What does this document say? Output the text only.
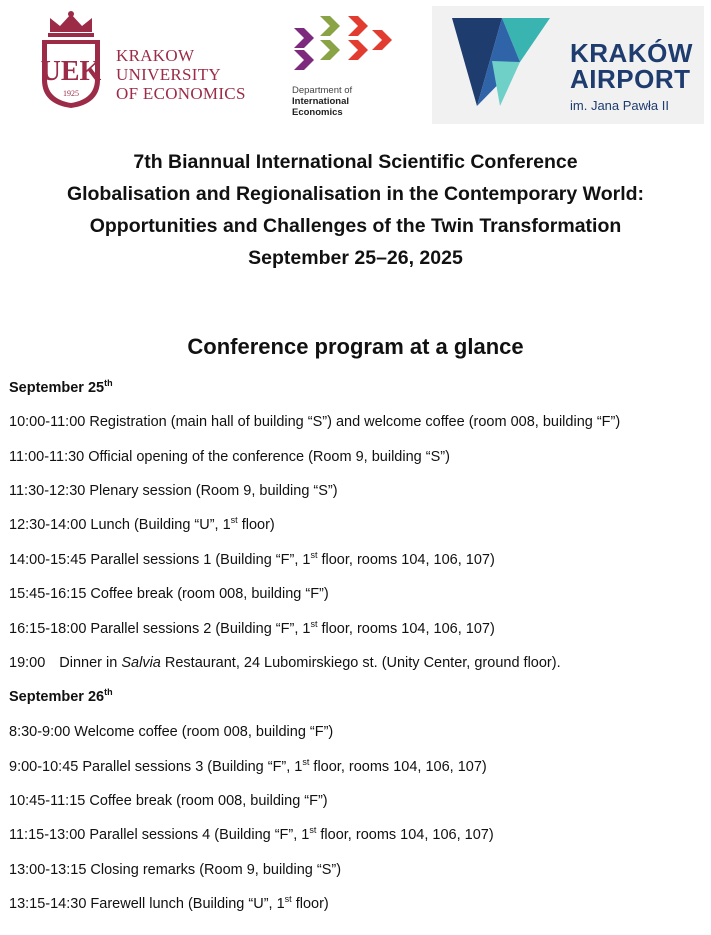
UEK
1925
KRAKOW
UNIVERSITY
OF ECONOMICS	Department of
International
Economics
KRAKÓW
AIRPORT
im. Jana Pawła II
7th Biannual International Scientific Conference
Globalisation and Regionalisation in the Contemporary World:
Opportunities and Challenges of the Twin Transformation
September 25–26, 2025
Conference program at a glance
September 25th
10:00-11:00 Registration (main hall of building “S”) and welcome coffee (room 008, building “F”)
11:00-11:30 Official opening of the conference (Room 9, building “S”)
11:30-12:30 Plenary session (Room 9, building “S”)
12:30-14:00 Lunch (Building “U”, 1st floor)
14:00-15:45 Parallel sessions 1 (Building “F”, 1st floor, rooms 104, 106, 107)
15:45-16:15 Coffee break (room 008, building “F”)
16:15-18:00 Parallel sessions 2 (Building “F”, 1st floor, rooms 104, 106, 107)
19:00 Dinner in Salvia Restaurant, 24 Lubomirskiego st. (Unity Center, ground floor).
September 26th
8:30-9:00 Welcome coffee (room 008, building “F”)
9:00-10:45 Parallel sessions 3 (Building “F”, 1st floor, rooms 104, 106, 107)
10:45-11:15 Coffee break (room 008, building “F”)
11:15-13:00 Parallel sessions 4 (Building “F”, 1st floor, rooms 104, 106, 107)
13:00-13:15 Closing remarks (Room 9, building “S”)
13:15-14:30 Farewell lunch (Building “U”, 1st floor)
